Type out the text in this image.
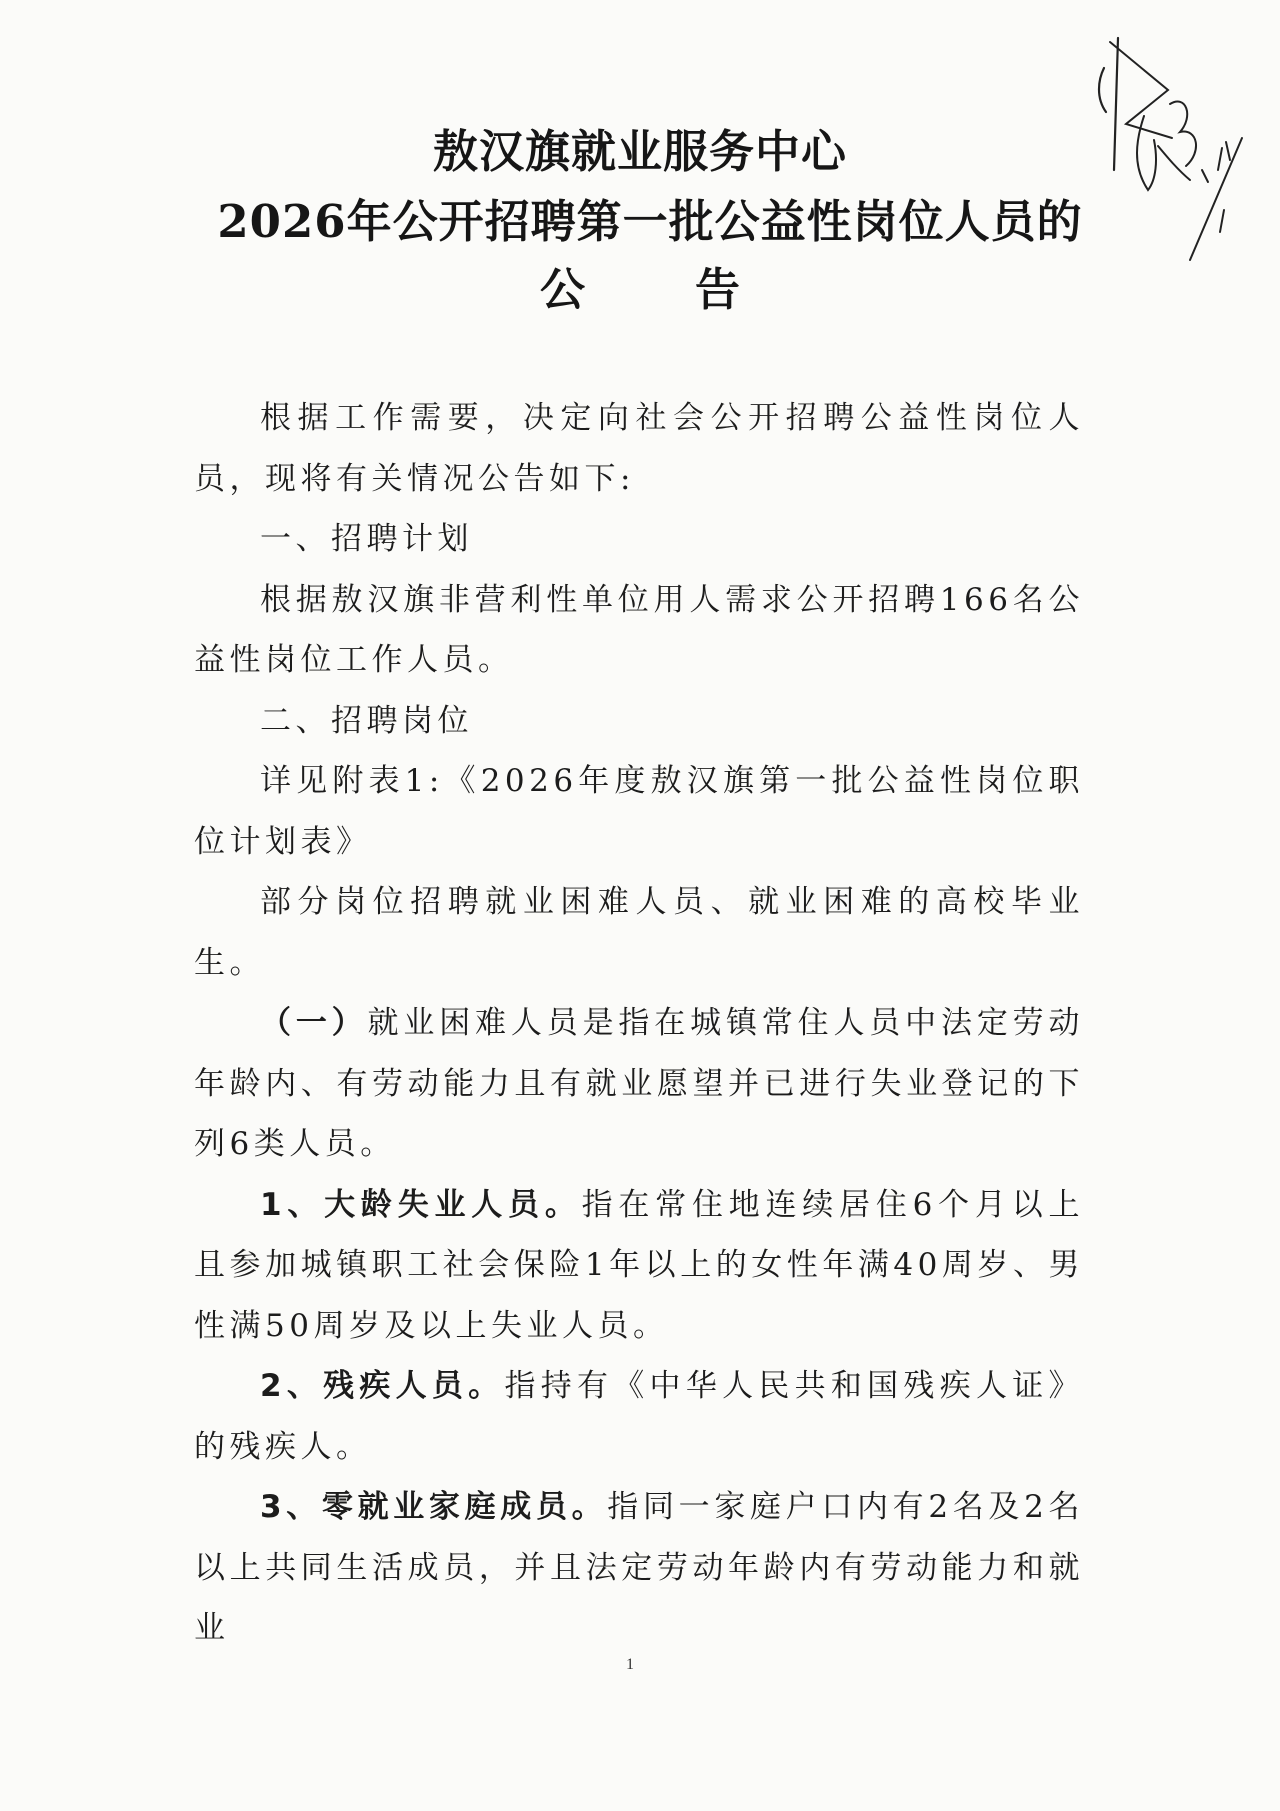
敖汉旗就业服务中心
2026年公开招聘第一批公益性岗位人员的
公告

根据工作需要，决定向社会公开招聘公益性岗位人员，现将有关情况公告如下:

一、招聘计划

根据敖汉旗非营利性单位用人需求公开招聘166名公益性岗位工作人员。

二、招聘岗位

详见附表1:《2026年度敖汉旗第一批公益性岗位职位计划表》

部分岗位招聘就业困难人员、就业困难的高校毕业生。

（一）就业困难人员是指在城镇常住人员中法定劳动年龄内、有劳动能力且有就业愿望并已进行失业登记的下列6类人员。

1、大龄失业人员。指在常住地连续居住6个月以上且参加城镇职工社会保险1年以上的女性年满40周岁、男性满50周岁及以上失业人员。

2、残疾人员。指持有《中华人民共和国残疾人证》的残疾人。

3、零就业家庭成员。指同一家庭户口内有2名及2名以上共同生活成员，并且法定劳动年龄内有劳动能力和就业

1
